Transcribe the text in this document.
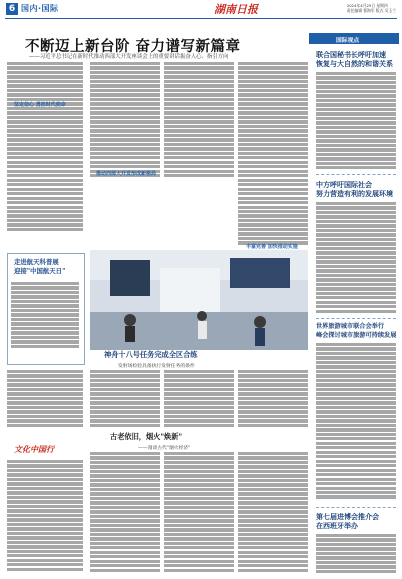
6 国内·国际	湖南日报	2024年4月25日 星期四
责任编辑 曹海军 版式 吴玉兰
不断迈上新台阶 奋力谱写新篇章
——习近平总书记在新时代推动西部大开发座谈会上的重要讲话振奋人心、指引方向
坚定信心 勇担时代使命
推动西部大开发形成新格局
丰富完善 加快推动实施
走进航天科普展
迎接"中国航天日"
神舟十八号任务完成全区合练
发射场检验具备执行发射任务的条件
古老依旧，烟火"焕新"
——漫谈古代"烟火经济"
文化中国行
国际视点
联合国秘书长呼吁加速
恢复与大自然的和谐关系
中方呼吁国际社会
努力营造有利的发展环境
世界旅游城市联合会举行
峰会探讨城市旅游可持续发展
第七届进博会推介会
在西班牙举办
